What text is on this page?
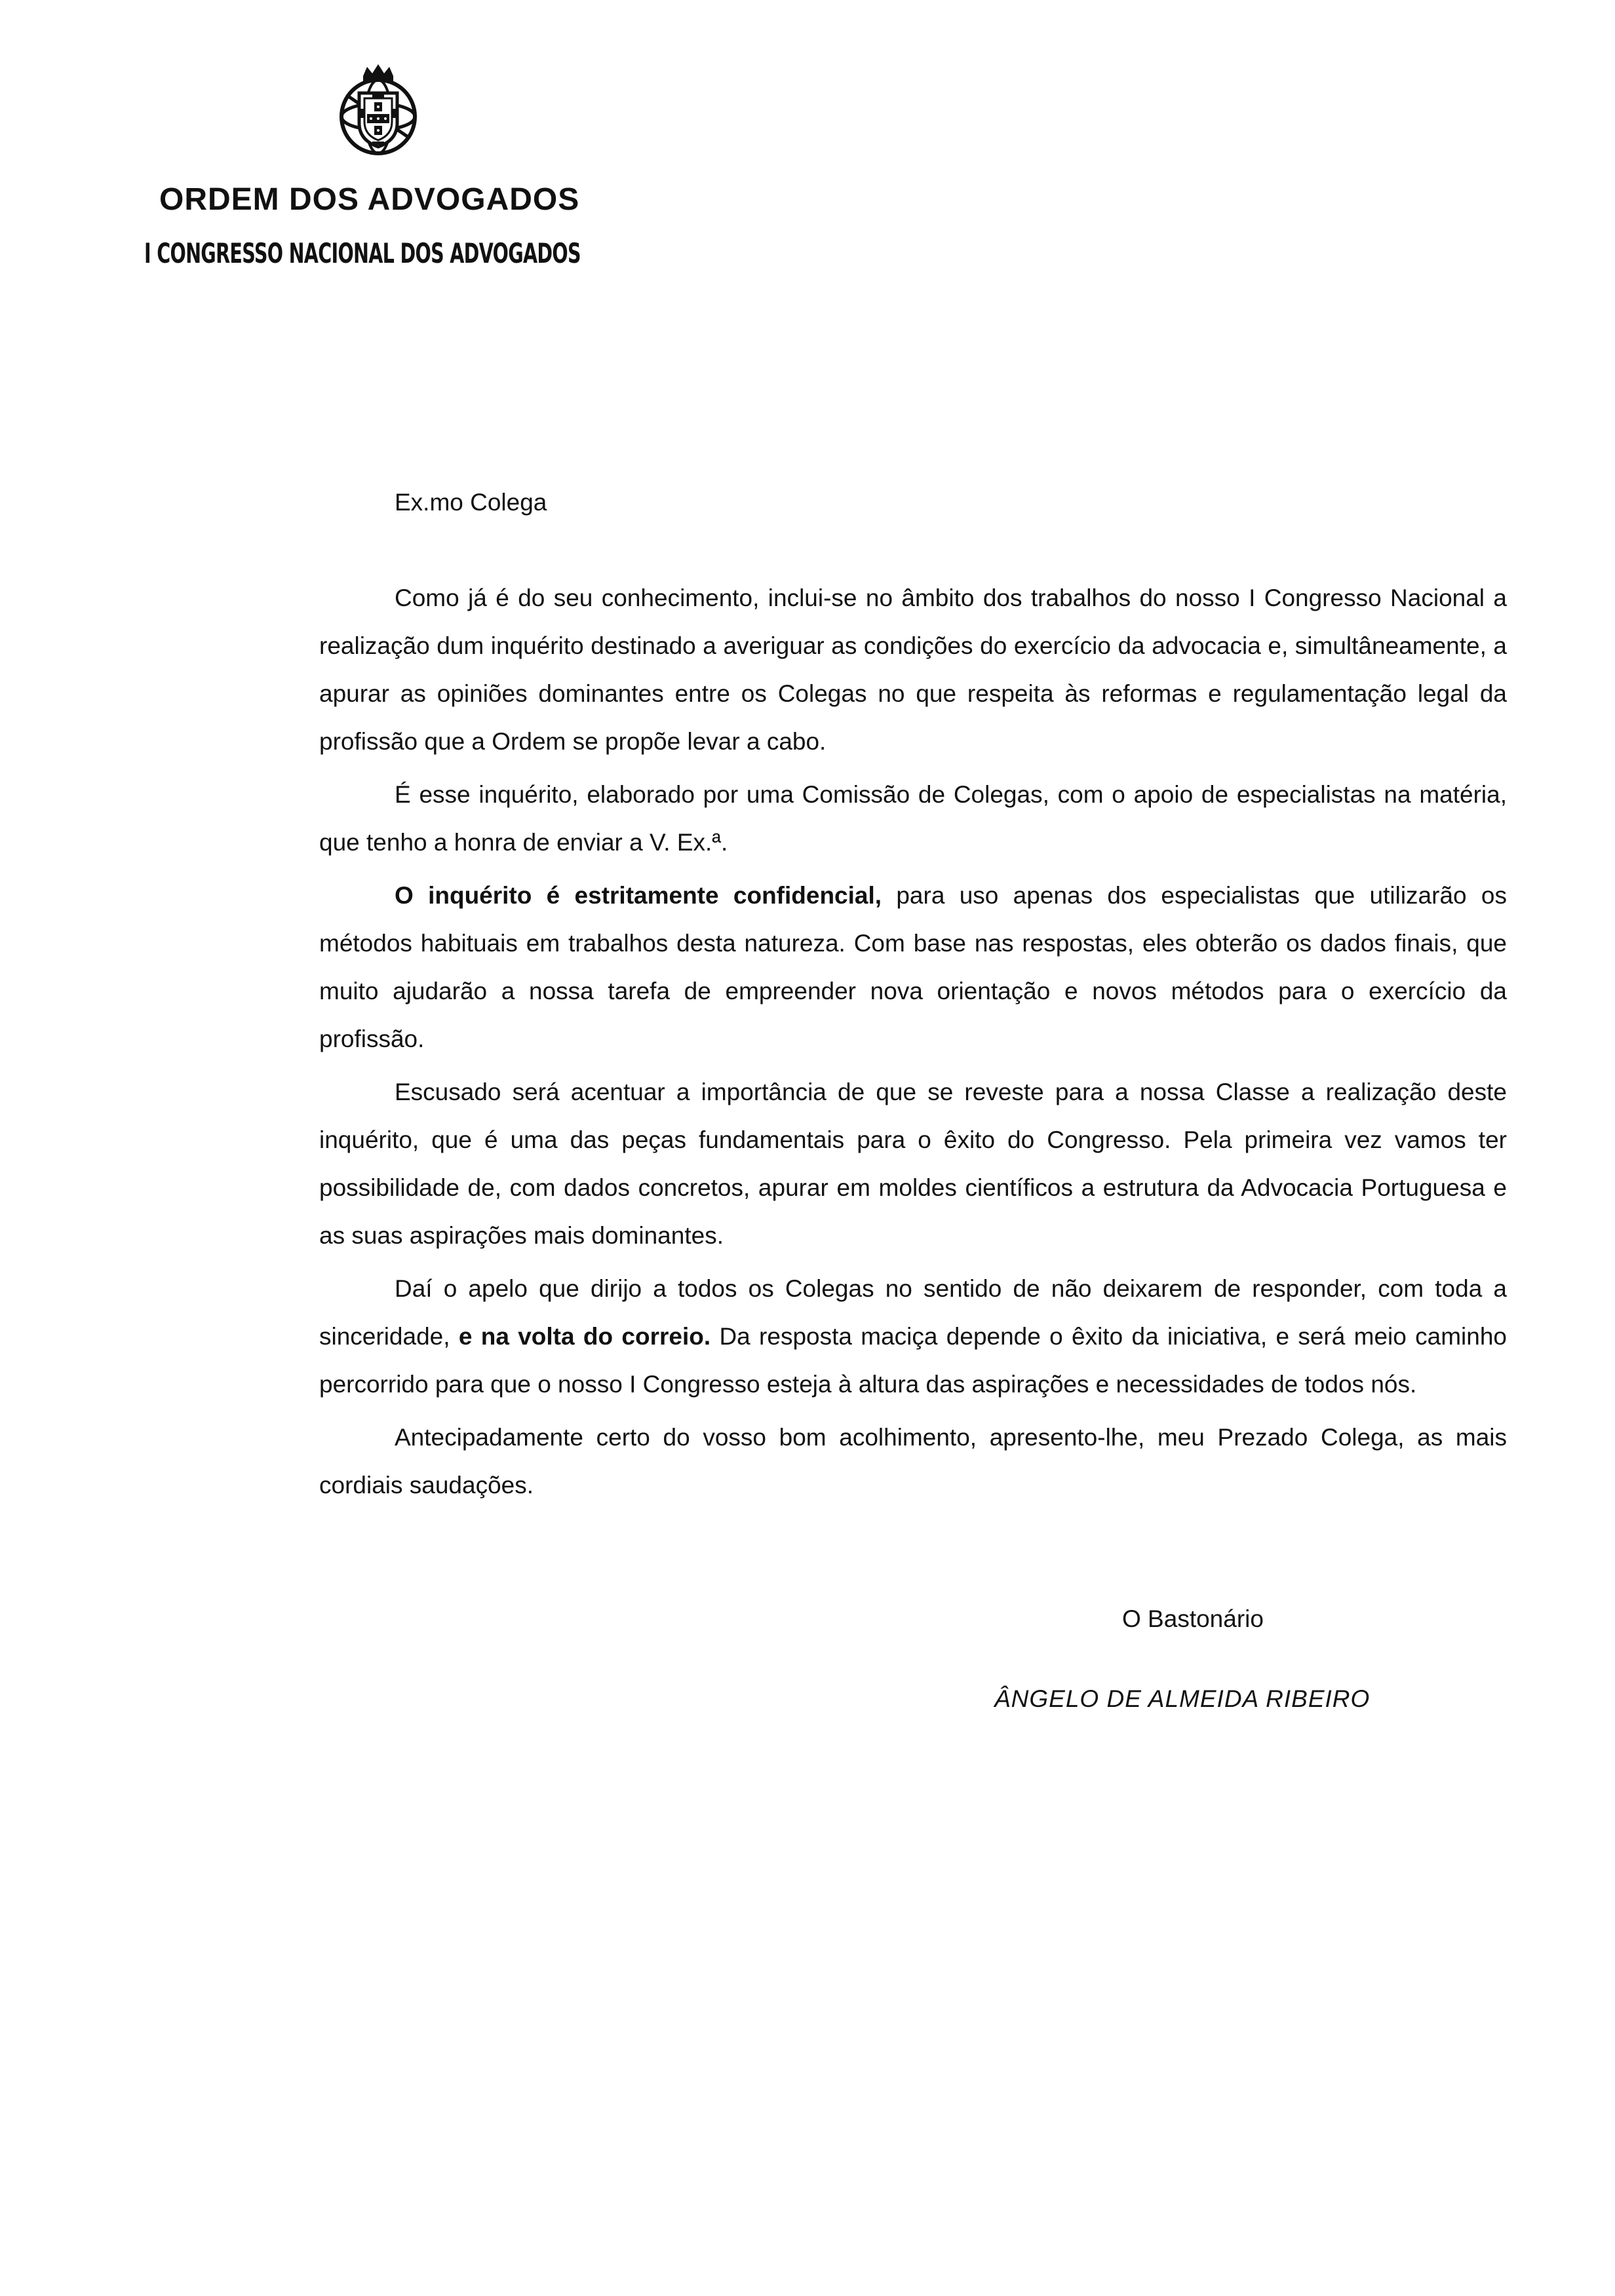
ORDEM DOS ADVOGADOS
I CONGRESSO NACIONAL DOS ADVOGADOS
Ex.mo Colega

Como já é do seu conhecimento, inclui-se no âmbito dos trabalhos do nosso I Congresso Nacional a realização dum inquérito destinado a averiguar as condições do exercício da advocacia e, simultâneamente, a apurar as opiniões dominantes entre os Colegas no que respeita às reformas e regulamentação legal da profissão que a Ordem se propõe levar a cabo.

É esse inquérito, elaborado por uma Comissão de Colegas, com o apoio de especialistas na matéria, que tenho a honra de enviar a V. Ex.ª.

O inquérito é estritamente confidencial, para uso apenas dos especialistas que utilizarão os métodos habituais em trabalhos desta natureza. Com base nas respostas, eles obterão os dados finais, que muito ajudarão a nossa tarefa de empreender nova orientação e novos métodos para o exercício da profissão.

Escusado será acentuar a importância de que se reveste para a nossa Classe a realização deste inquérito, que é uma das peças fundamentais para o êxito do Congresso. Pela primeira vez vamos ter possibilidade de, com dados concretos, apurar em moldes científicos a estrutura da Advocacia Portuguesa e as suas aspirações mais dominantes.

Daí o apelo que dirijo a todos os Colegas no sentido de não deixarem de responder, com toda a sinceridade, e na volta do correio. Da resposta maciça depende o êxito da iniciativa, e será meio caminho percorrido para que o nosso I Congresso esteja à altura das aspirações e necessidades de todos nós.

Antecipadamente certo do vosso bom acolhimento, apresento-lhe, meu Prezado Colega, as mais cordiais saudações.

O Bastonário
ÂNGELO DE ALMEIDA RIBEIRO
